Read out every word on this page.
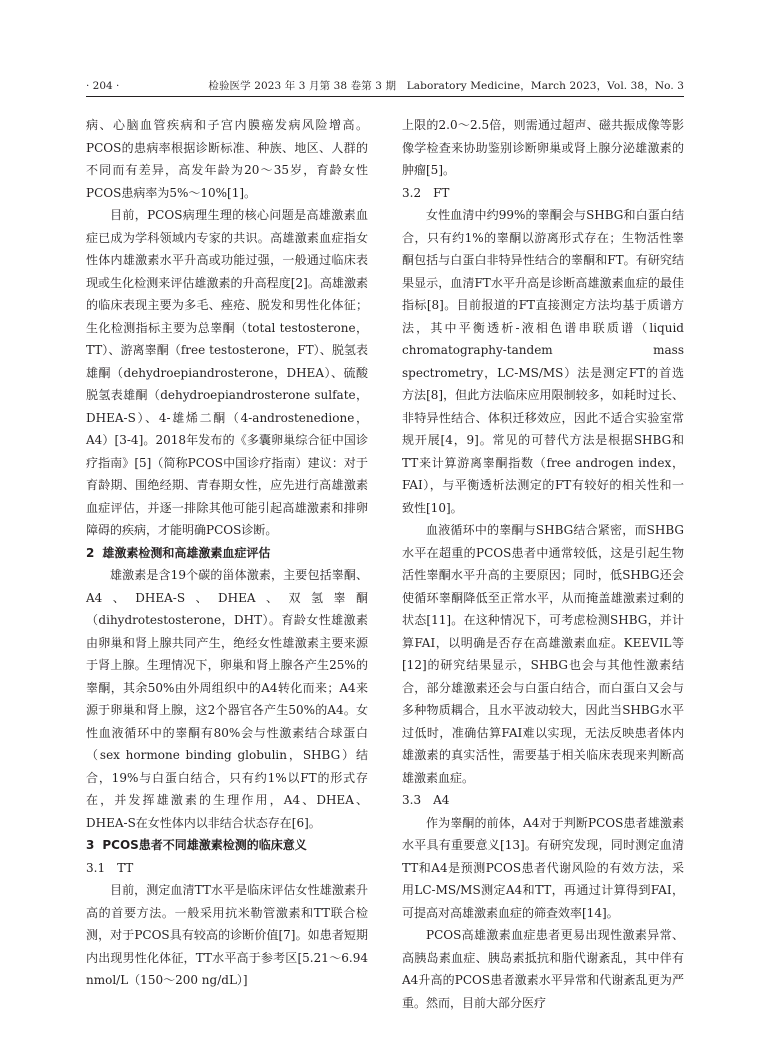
· 204 ·	检验医学 2023 年 3 月第 38 卷第 3 期　Laboratory Medicine，March 2023，Vol. 38，No. 3

病、心脑血管疾病和子宫内膜癌发病风险增高。PCOS的患病率根据诊断标准、种族、地区、人群的不同而有差异，高发年龄为20～35岁，育龄女性PCOS患病率为5%～10%[1]。

目前，PCOS病理生理的核心问题是高雄激素血症已成为学科领域内专家的共识。高雄激素血症指女性体内雄激素水平升高或功能过强，一般通过临床表现或生化检测来评估雄激素的升高程度[2]。高雄激素的临床表现主要为多毛、痤疮、脱发和男性化体征；生化检测指标主要为总睾酮（total testosterone，TT）、游离睾酮（free testosterone，FT）、脱氢表雄酮（dehydroepiandrosterone，DHEA）、硫酸脱氢表雄酮（dehydroepiandrosterone sulfate，DHEA-S）、4-雄烯二酮（4-androstenedione，A4）[3-4]。2018年发布的《多囊卵巢综合征中国诊疗指南》[5]（简称PCOS中国诊疗指南）建议：对于育龄期、围绝经期、青春期女性，应先进行高雄激素血症评估，并逐一排除其他可能引起高雄激素和排卵障碍的疾病，才能明确PCOS诊断。

2 雄激素检测和高雄激素血症评估

雄激素是含19个碳的甾体激素，主要包括睾酮、A4、DHEA-S、DHEA、双氢睾酮（dihydrotestosterone，DHT）。育龄女性雄激素由卵巢和肾上腺共同产生，绝经女性雄激素主要来源于肾上腺。生理情况下，卵巢和肾上腺各产生25%的睾酮，其余50%由外周组织中的A4转化而来；A4来源于卵巢和肾上腺，这2个器官各产生50%的A4。女性血液循环中的睾酮有80%会与性激素结合球蛋白（sex hormone binding globulin，SHBG）结合，19%与白蛋白结合，只有约1%以FT的形式存在，并发挥雄激素的生理作用，A4、DHEA、DHEA-S在女性体内以非结合状态存在[6]。

3 PCOS患者不同雄激素检测的临床意义
3.1　TT

目前，测定血清TT水平是临床评估女性雄激素升高的首要方法。一般采用抗米勒管激素和TT联合检测，对于PCOS具有较高的诊断价值[7]。如患者短期内出现男性化体征，TT水平高于参考区[5.21～6.94 nmol/L（150～200 ng/dL）]

上限的2.0～2.5倍，则需通过超声、磁共振成像等影像学检查来协助鉴别诊断卵巢或肾上腺分泌雄激素的肿瘤[5]。

3.2　FT

女性血清中约99%的睾酮会与SHBG和白蛋白结合，只有约1%的睾酮以游离形式存在；生物活性睾酮包括与白蛋白非特异性结合的睾酮和FT。有研究结果显示，血清FT水平升高是诊断高雄激素血症的最佳指标[8]。目前报道的FT直接测定方法均基于质谱方法，其中平衡透析-液相色谱串联质谱（liquid chromatography-tandem mass spectrometry，LC-MS/MS）法是测定FT的首选方法[8]，但此方法临床应用限制较多，如耗时过长、非特异性结合、体积迁移效应，因此不适合实验室常规开展[4，9]。常见的可替代方法是根据SHBG和TT来计算游离睾酮指数（free androgen index，FAI），与平衡透析法测定的FT有较好的相关性和一致性[10]。

血液循环中的睾酮与SHBG结合紧密，而SHBG水平在超重的PCOS患者中通常较低，这是引起生物活性睾酮水平升高的主要原因；同时，低SHBG还会使循环睾酮降低至正常水平，从而掩盖雄激素过剩的状态[11]。在这种情况下，可考虑检测SHBG，并计算FAI，以明确是否存在高雄激素血症。KEEVIL等[12]的研究结果显示，SHBG也会与其他性激素结合，部分雄激素还会与白蛋白结合，而白蛋白又会与多种物质耦合，且水平波动较大，因此当SHBG水平过低时，准确估算FAI难以实现，无法反映患者体内雄激素的真实活性，需要基于相关临床表现来判断高雄激素血症。

3.3　A4

作为睾酮的前体，A4对于判断PCOS患者雄激素水平具有重要意义[13]。有研究发现，同时测定血清TT和A4是预测PCOS患者代谢风险的有效方法，采用LC-MS/MS测定A4和TT，再通过计算得到FAI，可提高对高雄激素血症的筛查效率[14]。

PCOS高雄激素血症患者更易出现性激素异常、高胰岛素血症、胰岛素抵抗和脂代谢紊乱，其中伴有A4升高的PCOS患者激素水平异常和代谢紊乱更为严重。然而，目前大部分医疗
